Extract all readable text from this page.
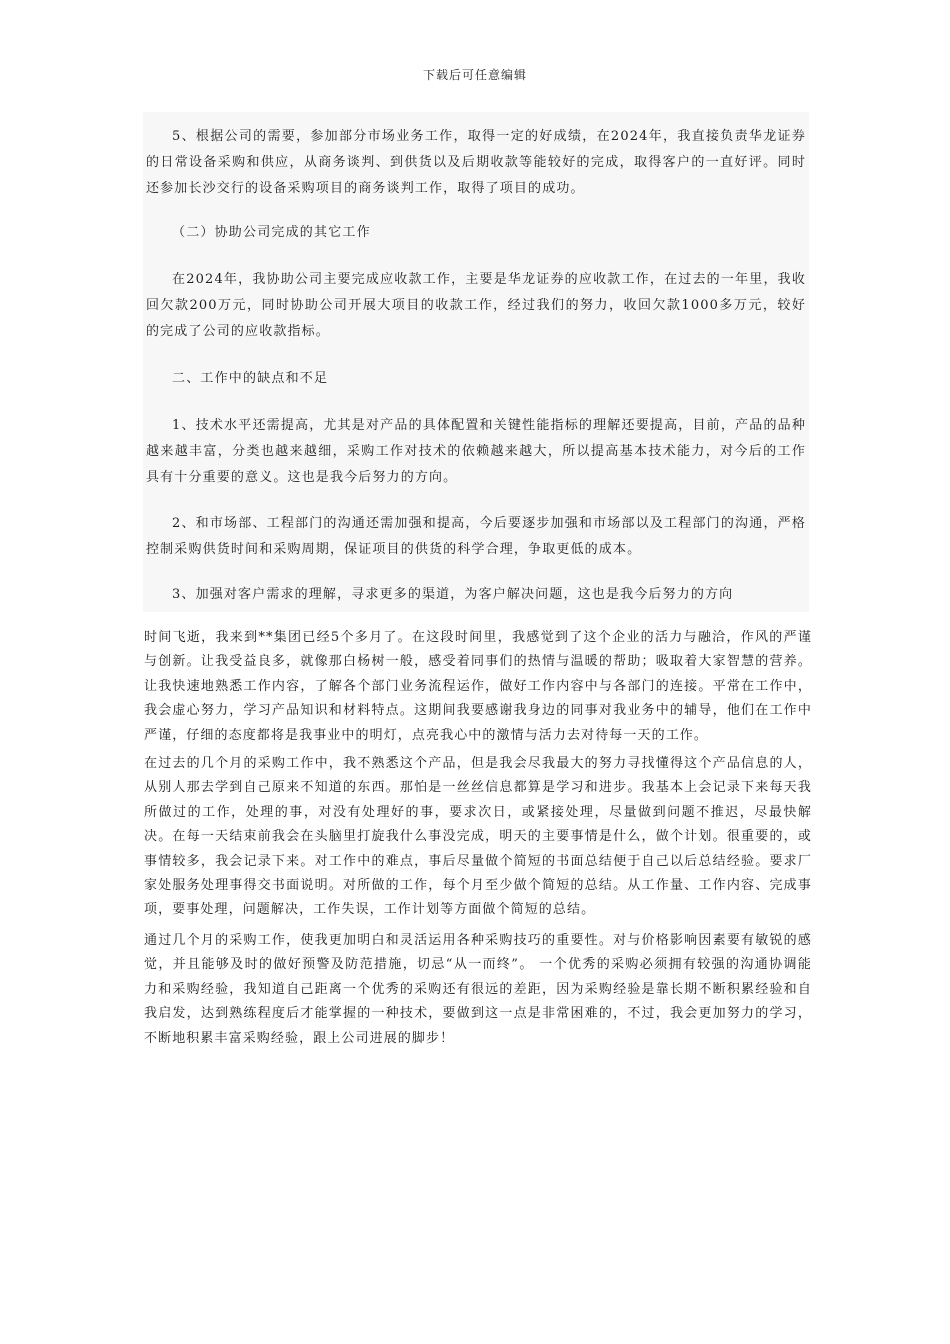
下载后可任意编辑

5、根据公司的需要，参加部分市场业务工作，取得一定的好成绩，在2024年，我直接负责华龙证券的日常设备采购和供应，从商务谈判、到供货以及后期收款等能较好的完成，取得客户的一直好评。同时还参加长沙交行的设备采购项目的商务谈判工作，取得了项目的成功。

（二）协助公司完成的其它工作

在2024年，我协助公司主要完成应收款工作，主要是华龙证券的应收款工作，在过去的一年里，我收回欠款200万元，同时协助公司开展大项目的收款工作，经过我们的努力，收回欠款1000多万元，较好的完成了公司的应收款指标。

二、工作中的缺点和不足

1、技术水平还需提高，尤其是对产品的具体配置和关键性能指标的理解还要提高，目前，产品的品种越来越丰富，分类也越来越细，采购工作对技术的依赖越来越大，所以提高基本技术能力，对今后的工作具有十分重要的意义。这也是我今后努力的方向。

2、和市场部、工程部门的沟通还需加强和提高，今后要逐步加强和市场部以及工程部门的沟通，严格控制采购供货时间和采购周期，保证项目的供货的科学合理，争取更低的成本。

3、加强对客户需求的理解，寻求更多的渠道，为客户解决问题，这也是我今后努力的方向

时间飞逝，我来到**集团已经5个多月了。在这段时间里，我感觉到了这个企业的活力与融洽，作风的严谨与创新。让我受益良多，就像那白杨树一般，感受着同事们的热情与温暖的帮助；吸取着大家智慧的营养。让我快速地熟悉工作内容，了解各个部门业务流程运作，做好工作内容中与各部门的连接。平常在工作中，我会虚心努力，学习产品知识和材料特点。这期间我要感谢我身边的同事对我业务中的辅导，他们在工作中严谨，仔细的态度都将是我事业中的明灯，点亮我心中的激情与活力去对待每一天的工作。

在过去的几个月的采购工作中，我不熟悉这个产品，但是我会尽我最大的努力寻找懂得这个产品信息的人，从别人那去学到自己原来不知道的东西。那怕是一丝丝信息都算是学习和进步。我基本上会记录下来每天我所做过的工作，处理的事，对没有处理好的事，要求次日，或紧接处理，尽量做到问题不推迟，尽最快解决。在每一天结束前我会在头脑里打旋我什么事没完成，明天的主要事情是什么，做个计划。很重要的，或事情较多，我会记录下来。对工作中的难点，事后尽量做个简短的书面总结便于自己以后总结经验。要求厂家处服务处理事得交书面说明。对所做的工作，每个月至少做个简短的总结。从工作量、工作内容、完成事项，要事处理，问题解决，工作失误，工作计划等方面做个简短的总结。

通过几个月的采购工作，使我更加明白和灵活运用各种采购技巧的重要性。对与价格影响因素要有敏锐的感觉，并且能够及时的做好预警及防范措施，切忌“从一而终”。 一个优秀的采购必须拥有较强的沟通协调能力和采购经验，我知道自己距离一个优秀的采购还有很远的差距，因为采购经验是靠长期不断积累经验和自我启发，达到熟练程度后才能掌握的一种技术，要做到这一点是非常困难的，不过，我会更加努力的学习，不断地积累丰富采购经验，跟上公司进展的脚步！
